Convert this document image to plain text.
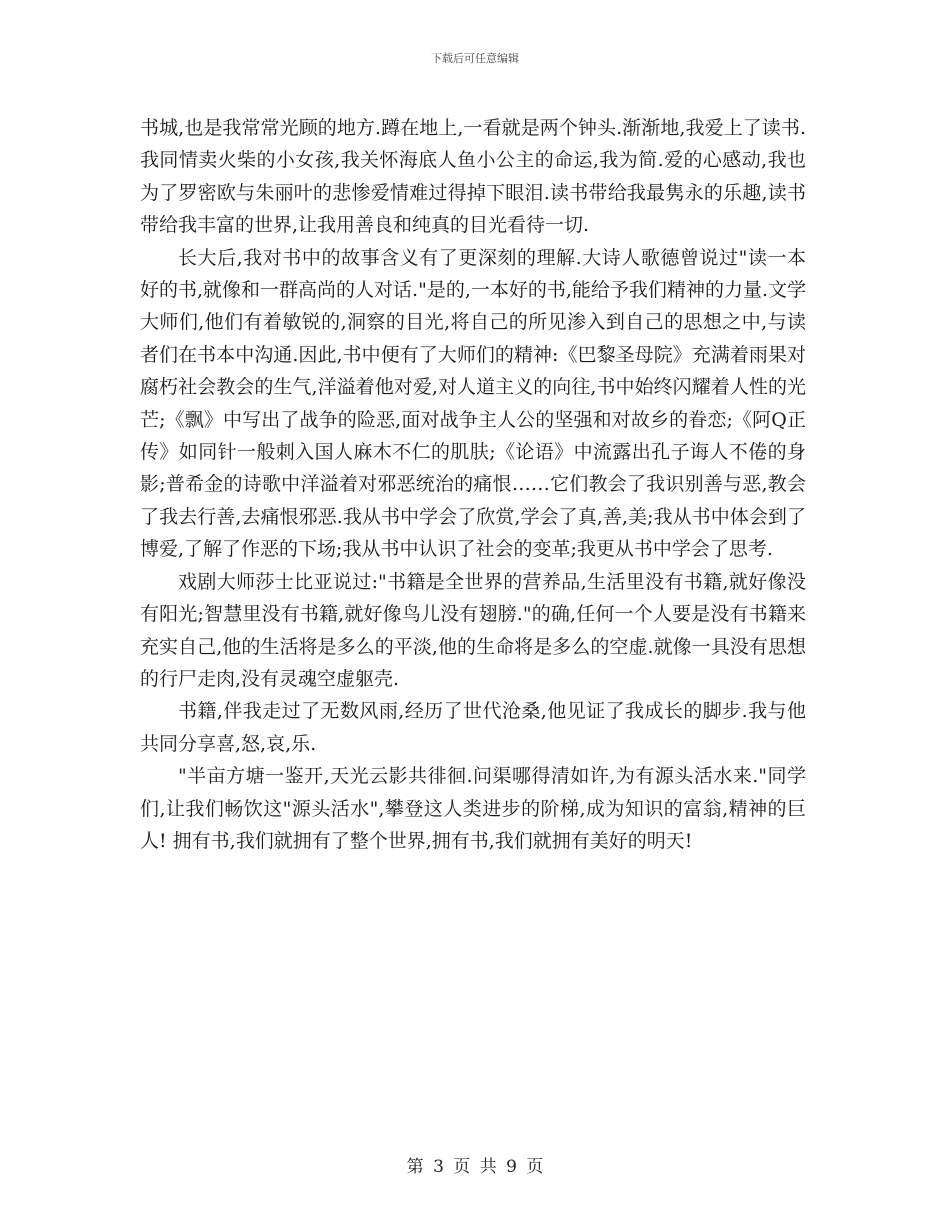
下载后可任意编辑

书城,也是我常常光顾的地方.蹲在地上,一看就是两个钟头.渐渐地,我爱上了读书.我同情卖火柴的小女孩,我关怀海底人鱼小公主的命运,我为简.爱的心感动,我也为了罗密欧与朱丽叶的悲惨爱情难过得掉下眼泪.读书带给我最隽永的乐趣,读书带给我丰富的世界,让我用善良和纯真的目光看待一切.

长大后,我对书中的故事含义有了更深刻的理解.大诗人歌德曾说过"读一本好的书,就像和一群高尚的人对话."是的,一本好的书,能给予我们精神的力量.文学大师们,他们有着敏锐的,洞察的目光,将自己的所见渗入到自己的思想之中,与读者们在书本中沟通.因此,书中便有了大师们的精神:《巴黎圣母院》充满着雨果对腐朽社会教会的生气,洋溢着他对爱,对人道主义的向往,书中始终闪耀着人性的光芒;《飘》中写出了战争的险恶,面对战争主人公的坚强和对故乡的眷恋;《阿Q正传》如同针一般刺入国人麻木不仁的肌肤;《论语》中流露出孔子诲人不倦的身影;普希金的诗歌中洋溢着对邪恶统治的痛恨……它们教会了我识别善与恶,教会了我去行善,去痛恨邪恶.我从书中学会了欣赏,学会了真,善,美;我从书中体会到了博爱,了解了作恶的下场;我从书中认识了社会的变革;我更从书中学会了思考.

戏剧大师莎士比亚说过:"书籍是全世界的营养品,生活里没有书籍,就好像没有阳光;智慧里没有书籍,就好像鸟儿没有翅膀."的确,任何一个人要是没有书籍来充实自己,他的生活将是多么的平淡,他的生命将是多么的空虚.就像一具没有思想的行尸走肉,没有灵魂空虚躯壳.

书籍,伴我走过了无数风雨,经历了世代沧桑,他见证了我成长的脚步.我与他共同分享喜,怒,哀,乐.

"半亩方塘一鉴开,天光云影共徘徊.问渠哪得清如许,为有源头活水来."同学们,让我们畅饮这"源头活水",攀登这人类进步的阶梯,成为知识的富翁,精神的巨人! 拥有书,我们就拥有了整个世界,拥有书,我们就拥有美好的明天!

第 3 页 共 9 页
